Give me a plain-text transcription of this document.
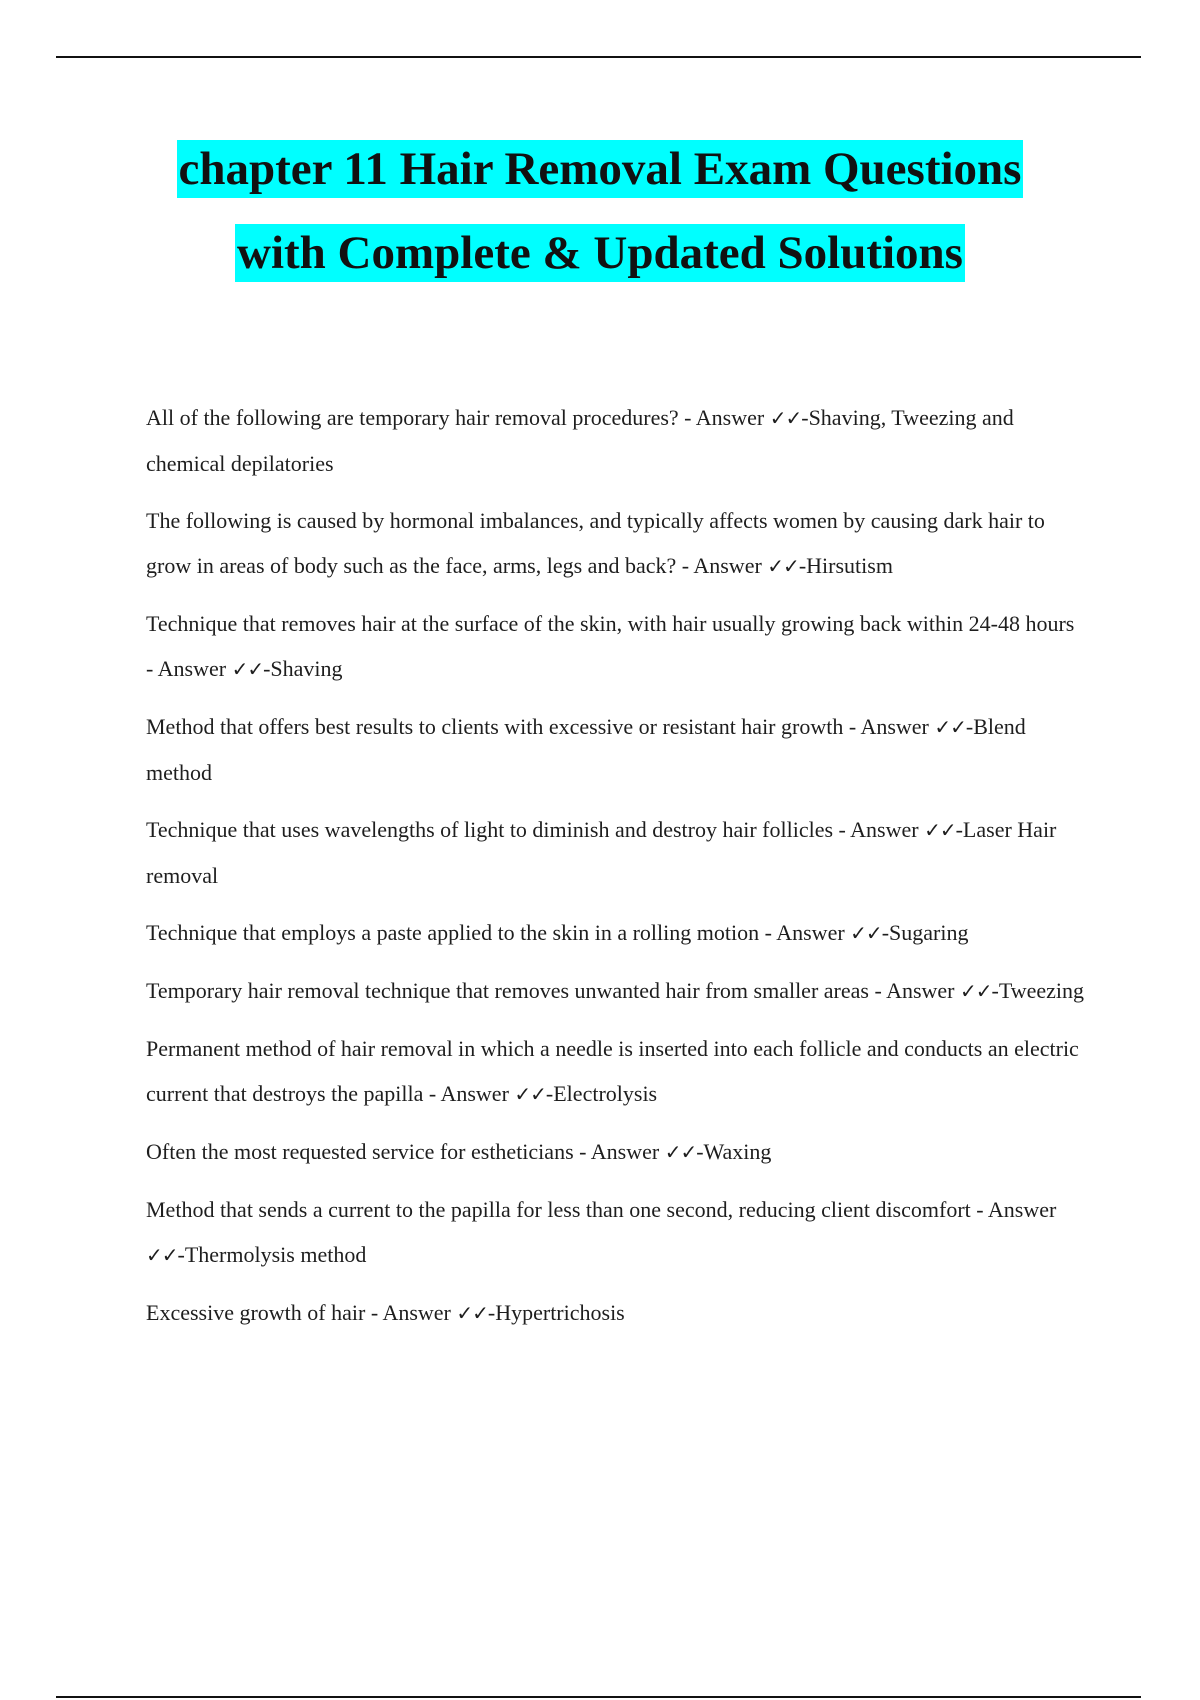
chapter 11 Hair Removal Exam Questions
with Complete & Updated Solutions

All of the following are temporary hair removal procedures? - Answer ✓✓-Shaving, Tweezing and chemical depilatories

The following is caused by hormonal imbalances, and typically affects women by causing dark hair to grow in areas of body such as the face, arms, legs and back? - Answer ✓✓-Hirsutism

Technique that removes hair at the surface of the skin, with hair usually growing back within 24-48 hours - Answer ✓✓-Shaving

Method that offers best results to clients with excessive or resistant hair growth - Answer ✓✓-Blend method

Technique that uses wavelengths of light to diminish and destroy hair follicles - Answer ✓✓-Laser Hair removal

Technique that employs a paste applied to the skin in a rolling motion - Answer ✓✓-Sugaring

Temporary hair removal technique that removes unwanted hair from smaller areas - Answer ✓✓-Tweezing

Permanent method of hair removal in which a needle is inserted into each follicle and conducts an electric current that destroys the papilla - Answer ✓✓-Electrolysis

Often the most requested service for estheticians - Answer ✓✓-Waxing

Method that sends a current to the papilla for less than one second, reducing client discomfort - Answer ✓✓-Thermolysis method

Excessive growth of hair - Answer ✓✓-Hypertrichosis
